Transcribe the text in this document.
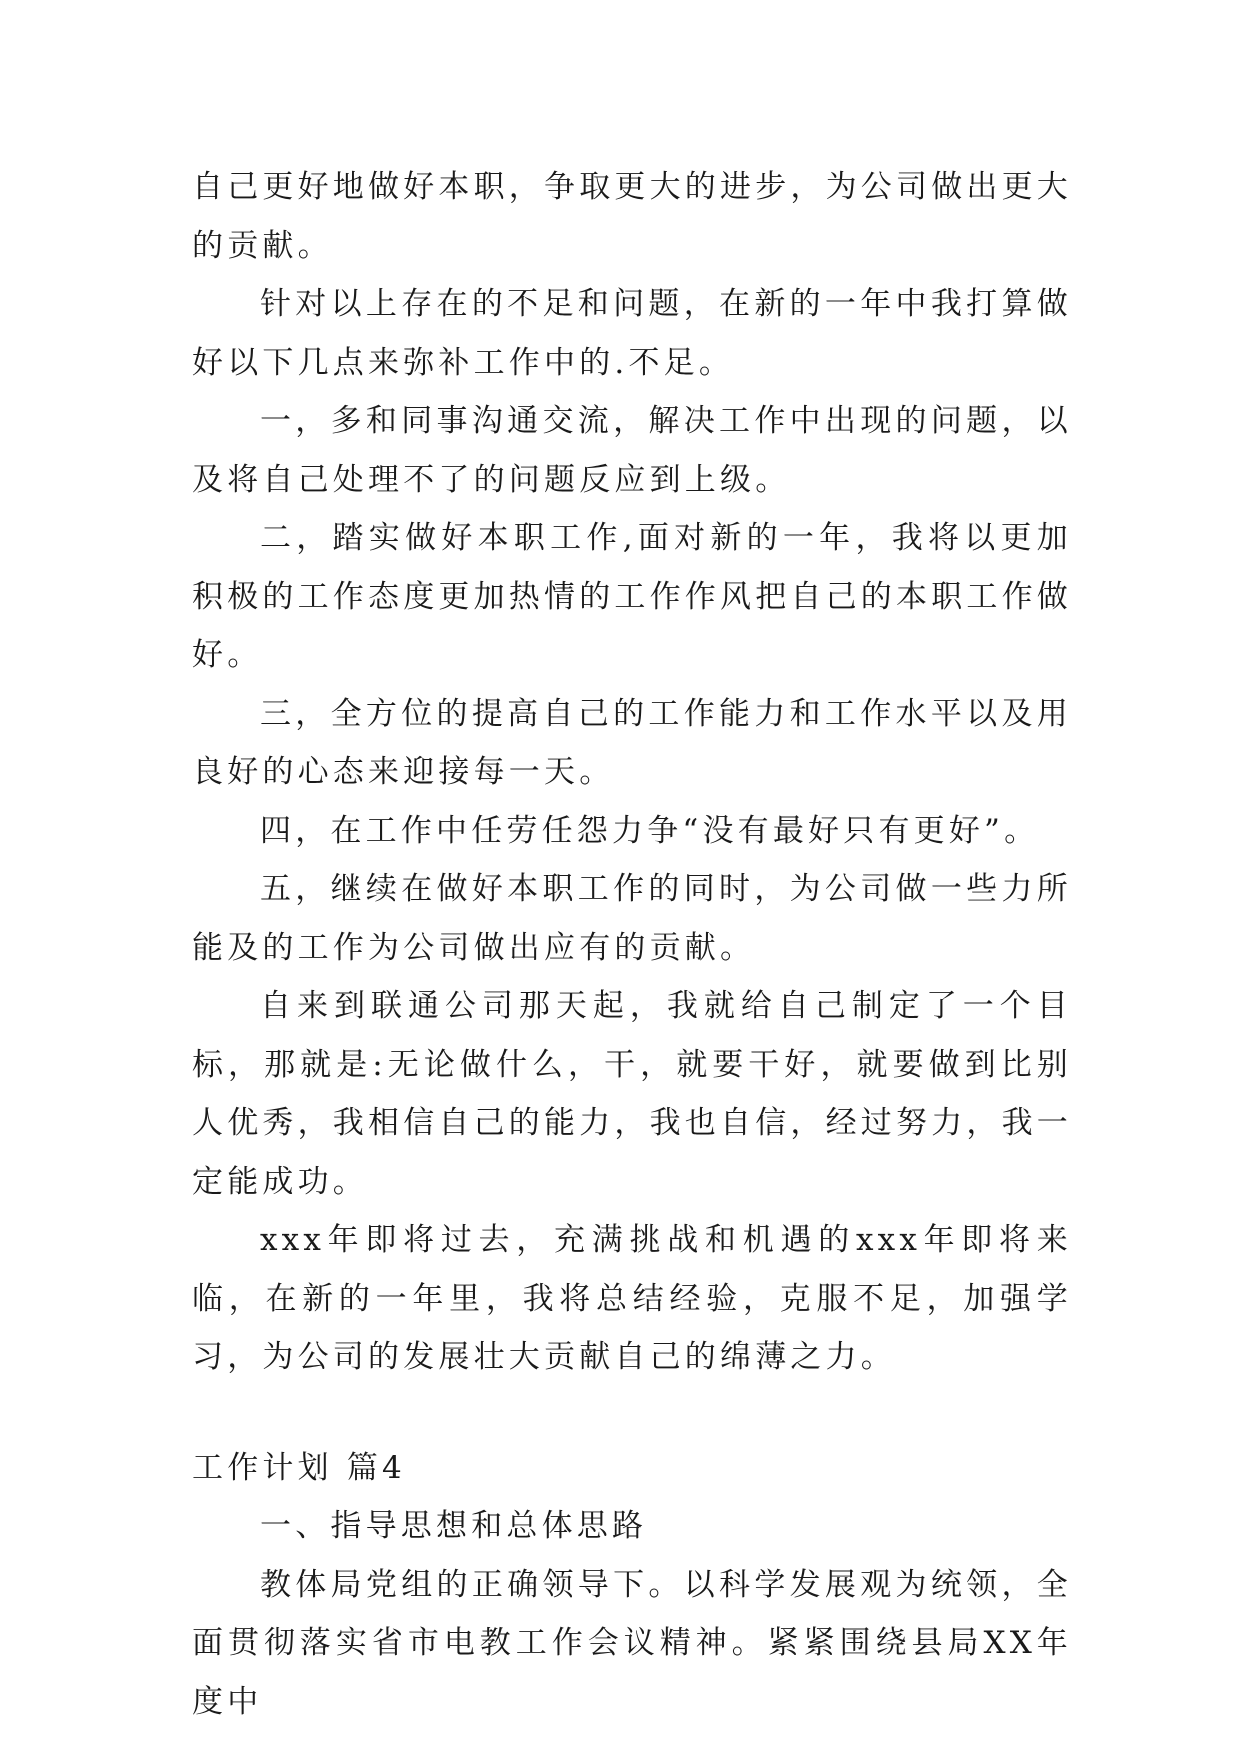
自己更好地做好本职，争取更大的进步，为公司做出更大的贡献。

针对以上存在的不足和问题，在新的一年中我打算做好以下几点来弥补工作中的.不足。

一，多和同事沟通交流，解决工作中出现的问题，以及将自己处理不了的问题反应到上级。

二，踏实做好本职工作,面对新的一年，我将以更加积极的工作态度更加热情的工作作风把自己的本职工作做好。

三，全方位的提高自己的工作能力和工作水平以及用良好的心态来迎接每一天。

四，在工作中任劳任怨力争“没有最好只有更好”。

五，继续在做好本职工作的同时，为公司做一些力所能及的工作为公司做出应有的贡献。

自来到联通公司那天起，我就给自己制定了一个目标，那就是:无论做什么，干，就要干好，就要做到比别人优秀，我相信自己的能力，我也自信，经过努力，我一定能成功。

xxx年即将过去，充满挑战和机遇的xxx年即将来临，在新的一年里，我将总结经验，克服不足，加强学习，为公司的发展壮大贡献自己的绵薄之力。

工作计划 篇4
一、指导思想和总体思路

教体局党组的正确领导下。以科学发展观为统领，全面贯彻落实省市电教工作会议精神。紧紧围绕县局XX年度中
